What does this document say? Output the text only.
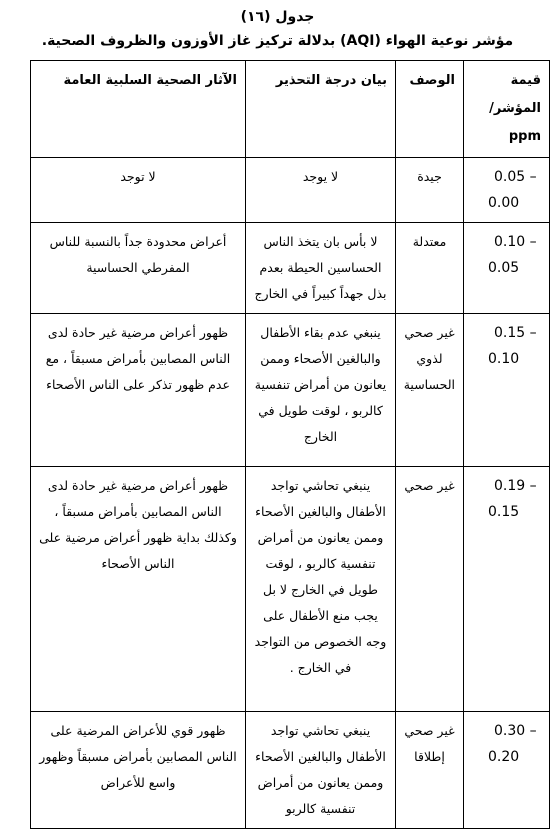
جدول (١٦)
مؤشر نوعية الهواء (AQI) بدلالة تركيز غاز الأوزون والظروف الصحية.
قيمة المؤشر/ ppm	الوصف	بيان درجة التحذير	الآثار الصحية السلبية العامة

0.05 –
0.00	جيدة	لا يوجد	لا توجد

0.10 –
0.05	معتدلة	لا بأس بان يتخذ الناس الحساسين الحيطة بعدم بذل جهداً كبيراً في الخارج	أعراض محدودة جداً بالنسبة للناس المفرطي الحساسية

0.15 –
0.10	غير صحي لذوي الحساسية	ينبغي عدم بقاء الأطفال والبالغين الأصحاء وممن يعانون من أمراض تنفسية كالربو ، لوقت طويل في الخارج	ظهور أعراض مرضية غير حادة لدى الناس المصابين بأمراض مسبقاً ، مع عدم ظهور تذكر على الناس الأصحاء

0.19 –
0.15	غير صحي	ينبغي تحاشي تواجد الأطفال والبالغين الأصحاء وممن يعانون من أمراض تنفسية كالربو ، لوقت طويل في الخارج لا بل يجب منع الأطفال على وجه الخصوص من التواجد في الخارج .	ظهور أعراض مرضية غير حادة لدى الناس المصابين بأمراض مسبقاً ، وكذلك بداية ظهور أعراض مرضية على الناس الأصحاء

0.30 –
0.20	غير صحي إطلاقا	ينبغي تحاشي تواجد الأطفال والبالغين الأصحاء وممن يعانون من أمراض تنفسية كالربو	ظهور قوي للأعراض المرضية على الناس المصابين بأمراض مسبقاً وظهور واسع للأعراض
